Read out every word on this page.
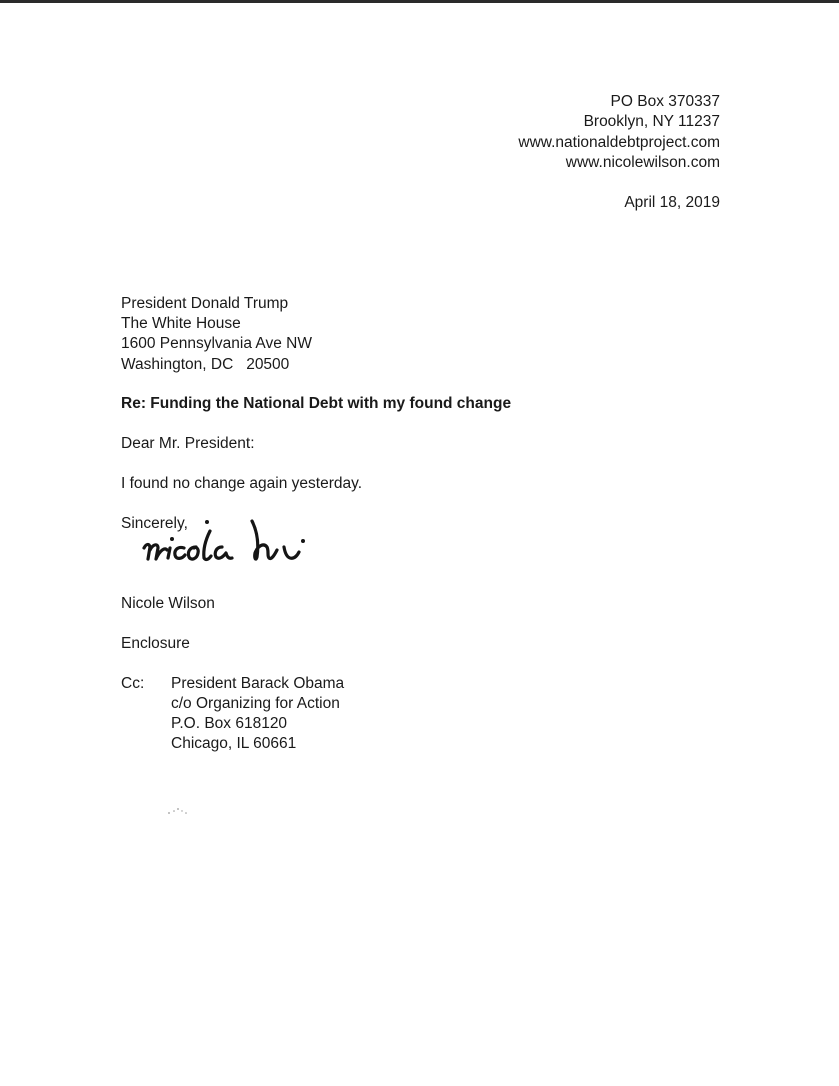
PO Box 370337
Brooklyn, NY 11237
www.nationaldebtproject.com
www.nicolewilson.com
April 18, 2019
President Donald Trump
The White House
1600 Pennsylvania Ave NW
Washington, DC   20500
Re: Funding the National Debt with my found change
Dear Mr. President:
I found no change again yesterday.
Sincerely,
Nicole Wilson
Enclosure
Cc: President Barack Obama
c/o Organizing for Action
P.O. Box 618120
Chicago, IL 60661
